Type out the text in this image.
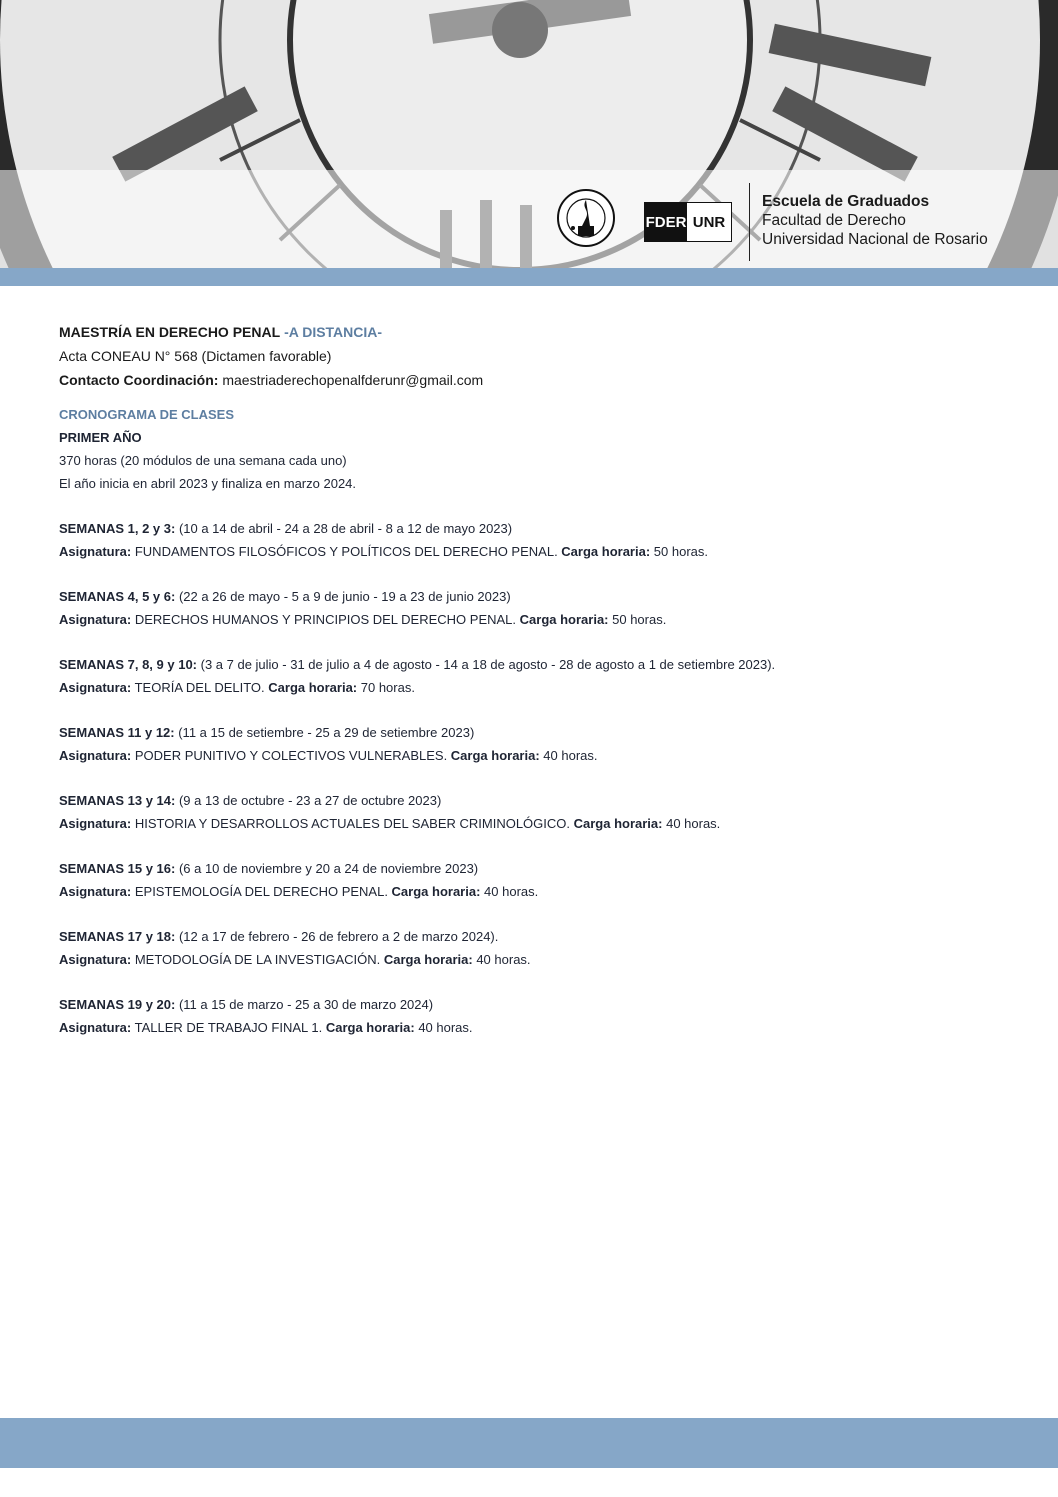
FDER UNR
Escuela de Graduados
Facultad de Derecho
Universidad Nacional de Rosario
MAESTRÍA EN DERECHO PENAL -A DISTANCIA-

Acta CONEAU N° 568 (Dictamen favorable)

Contacto Coordinación: maestriaderechopenalfderunr@gmail.com

CRONOGRAMA DE CLASES
PRIMER AÑO

370 horas (20 módulos de una semana cada uno)

El año inicia en abril 2023 y finaliza en marzo 2024.

SEMANAS 1, 2 y 3: (10 a 14 de abril - 24 a 28 de abril - 8 a 12 de mayo 2023)

Asignatura: FUNDAMENTOS FILOSÓFICOS Y POLÍTICOS DEL DERECHO PENAL. Carga horaria: 50 horas.

SEMANAS 4, 5 y 6: (22 a 26 de mayo - 5 a 9 de junio - 19 a 23 de junio 2023)

Asignatura: DERECHOS HUMANOS Y PRINCIPIOS DEL DERECHO PENAL. Carga horaria: 50 horas.

SEMANAS 7, 8, 9 y 10: (3 a 7 de julio - 31 de julio a 4 de agosto - 14 a 18 de agosto - 28 de agosto a 1 de setiembre 2023).

Asignatura: TEORÍA DEL DELITO. Carga horaria: 70 horas.

SEMANAS 11 y 12: (11 a 15 de setiembre - 25 a 29 de setiembre 2023)

Asignatura: PODER PUNITIVO Y COLECTIVOS VULNERABLES. Carga horaria: 40 horas.

SEMANAS 13 y 14: (9 a 13 de octubre - 23 a 27 de octubre 2023)

Asignatura: HISTORIA Y DESARROLLOS ACTUALES DEL SABER CRIMINOLÓGICO. Carga horaria: 40 horas.

SEMANAS 15 y 16: (6 a 10 de noviembre y 20 a 24 de noviembre 2023)

Asignatura: EPISTEMOLOGÍA DEL DERECHO PENAL. Carga horaria: 40 horas.

SEMANAS 17 y 18: (12 a 17 de febrero - 26 de febrero a 2 de marzo 2024).

Asignatura: METODOLOGÍA DE LA INVESTIGACIÓN. Carga horaria: 40 horas.

SEMANAS 19 y 20: (11 a 15 de marzo - 25 a 30 de marzo 2024)

Asignatura: TALLER DE TRABAJO FINAL 1. Carga horaria: 40 horas.
